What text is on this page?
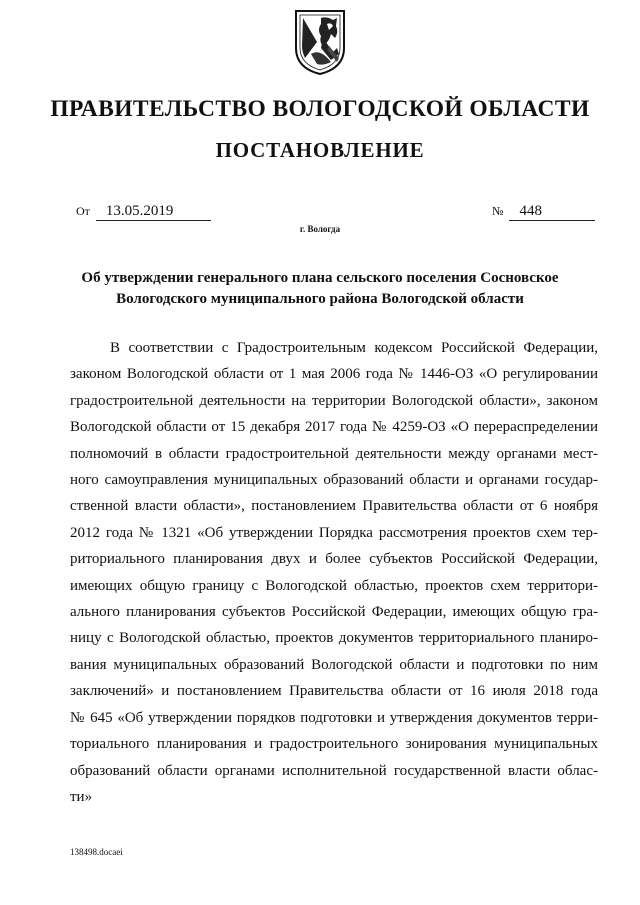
ПРАВИТЕЛЬСТВО ВОЛОГОДСКОЙ ОБЛАСТИ
ПОСТАНОВЛЕНИЕ
От 13.05.2019	№ 448
г. Вологда
Об утверждении генерального плана сельского поселения Сосновское
Вологодского муниципального района Вологодской области
В соответствии с Градостроительным кодексом Российской Федерации,
законом Вологодской области от 1 мая 2006 года № 1446-ОЗ «О регулировании
градостроительной деятельности на территории Вологодской области», законом
Вологодской области от 15 декабря 2017 года № 4259-ОЗ «О перераспределении
полномочий в области градостроительной деятельности между органами мест-
ного самоуправления муниципальных образований области и органами государ-
ственной власти области», постановлением Правительства области от 6 ноября
2012 года № 1321 «Об утверждении Порядка рассмотрения проектов схем тер-
риториального планирования двух и более субъектов Российской Федерации,
имеющих общую границу с Вологодской областью, проектов схем территори-
ального планирования субъектов Российской Федерации, имеющих общую гра-
ницу с Вологодской областью, проектов документов территориального планиро-
вания муниципальных образований Вологодской области и подготовки по ним
заключений» и постановлением Правительства области от 16 июля 2018 года
№ 645 «Об утверждении порядков подготовки и утверждения документов терри-
ториального планирования и градостроительного зонирования муниципальных
образований области органами исполнительной государственной власти облас-
ти»
138498.docaei
